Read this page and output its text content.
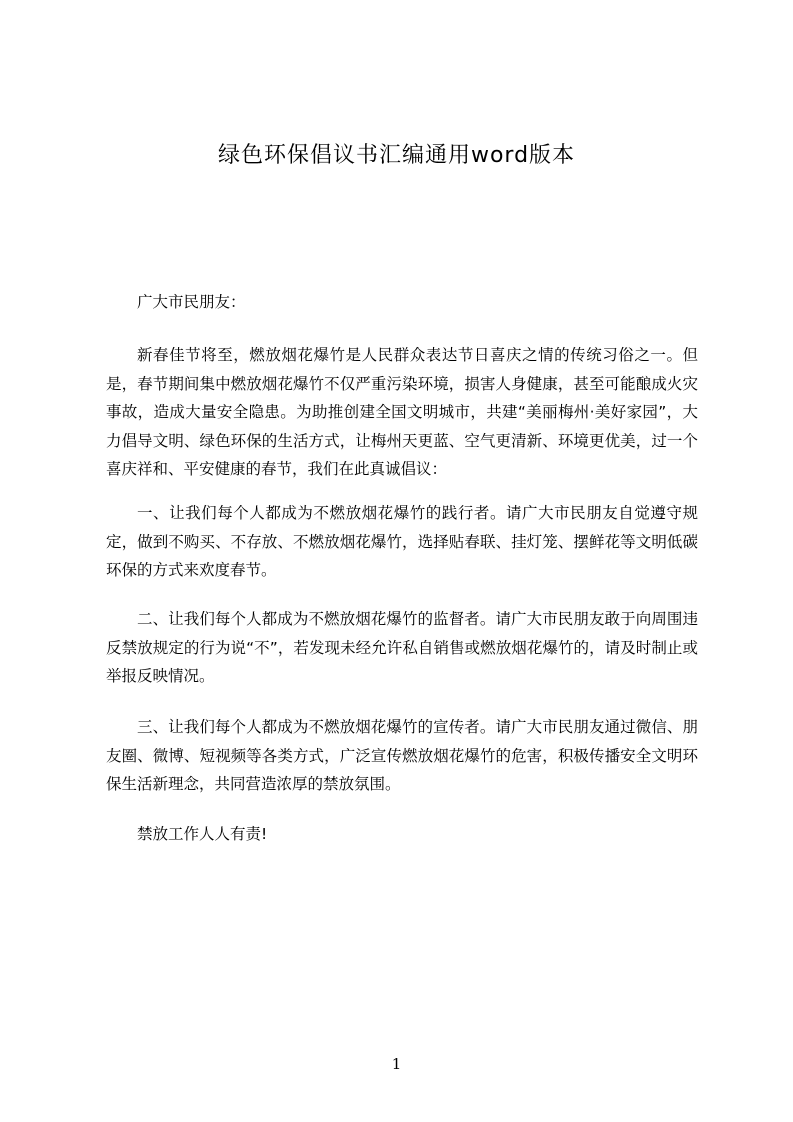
绿色环保倡议书汇编通用word版本
广大市民朋友：
新春佳节将至，燃放烟花爆竹是人民群众表达节日喜庆之情的传统习俗之一。但是，春节期间集中燃放烟花爆竹不仅严重污染环境，损害人身健康，甚至可能酿成火灾事故，造成大量安全隐患。为助推创建全国文明城市，共建“美丽梅州·美好家园”，大力倡导文明、绿色环保的生活方式，让梅州天更蓝、空气更清新、环境更优美，过一个喜庆祥和、平安健康的春节，我们在此真诚倡议：
一、让我们每个人都成为不燃放烟花爆竹的践行者。请广大市民朋友自觉遵守规定，做到不购买、不存放、不燃放烟花爆竹，选择贴春联、挂灯笼、摆鲜花等文明低碳环保的方式来欢度春节。
二、让我们每个人都成为不燃放烟花爆竹的监督者。请广大市民朋友敢于向周围违反禁放规定的行为说“不”，若发现未经允许私自销售或燃放烟花爆竹的，请及时制止或举报反映情况。
三、让我们每个人都成为不燃放烟花爆竹的宣传者。请广大市民朋友通过微信、朋友圈、微博、短视频等各类方式，广泛宣传燃放烟花爆竹的危害，积极传播安全文明环保生活新理念，共同营造浓厚的禁放氛围。
禁放工作人人有责!
1
